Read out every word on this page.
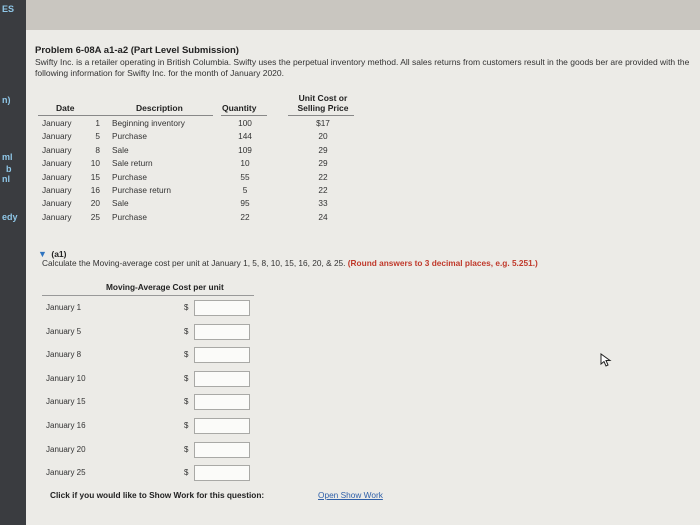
ES
n)
ml
b
nl
edy
Problem 6-08A a1-a2 (Part Level Submission)
Swifty Inc. is a retailer operating in British Columbia. Swifty uses the perpetual inventory method. All sales returns from customers result in the goods ber are provided with the following information for Swifty Inc. for the month of January 2020.
Date	Description	Quantity
Unit Cost or
Selling Price
January	1 Beginning inventory	100	$17
January	5 Purchase	144	20
January	8 Sale	109	29
January	10 Sale return	10	29
January	15 Purchase	55	22
January	16 Purchase return	5	22
January	20 Sale	95	33
January	25 Purchase	22	24
▼ (a1)
Calculate the Moving-average cost per unit at January 1, 5, 8, 10, 15, 16, 20, & 25. (Round answers to 3 decimal places, e.g. 5.251.)
Moving-Average Cost per unit
January 1	$
January 5	$
January 8	$
January 10	$
January 15	$
January 16	$
January 20	$
January 25	$
Click if you would like to Show Work for this question:	Open Show Work
